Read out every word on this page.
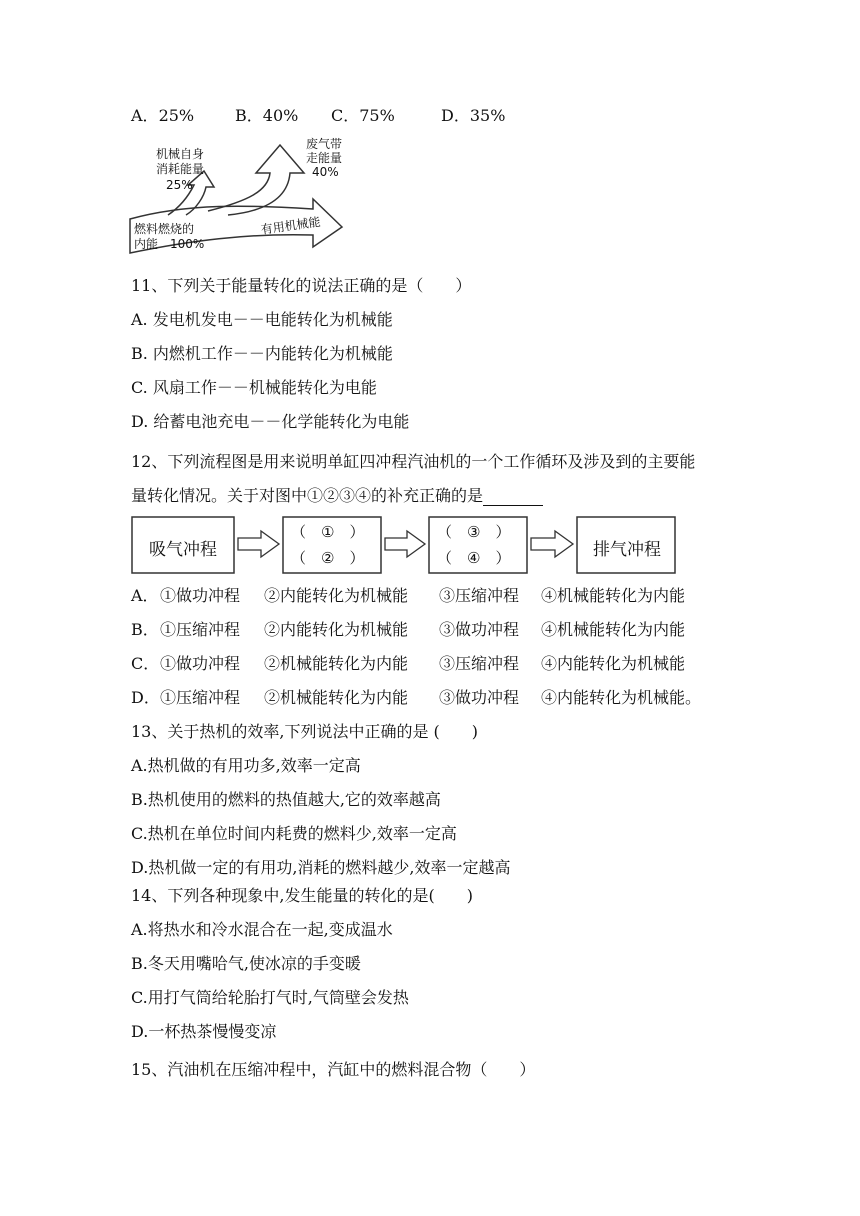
A．25%	B．40% C．75%	D．35%
机械自身
消耗能量
25%
废气带
走能量
40%
燃料燃烧的
内能 100%
有用机械能
11、下列关于能量转化的说法正确的是（　　）
A. 发电机发电－－电能转化为机械能
B. 内燃机工作－－内能转化为机械能
C. 风扇工作－－机械能转化为电能
D. 给蓄电池充电－－化学能转化为电能
12、下列流程图是用来说明单缸四冲程汽油机的一个工作循环及涉及到的主要能
量转化情况。关于对图中①②③④的补充正确的是
吸气冲程
（　①　）
（　②　）
（　③　）
（　④　）	排气冲程
A． ①做功冲程 ②内能转化为机械能 ③压缩冲程 ④机械能转化为内能
B． ①压缩冲程 ②内能转化为机械能 ③做功冲程 ④机械能转化为内能
C． ①做功冲程 ②机械能转化为内能 ③压缩冲程 ④内能转化为机械能
D． ①压缩冲程 ②机械能转化为内能 ③做功冲程 ④内能转化为机械能。
13、关于热机的效率,下列说法中正确的是 (　　)
A.热机做的有用功多,效率一定高
B.热机使用的燃料的热值越大,它的效率越高
C.热机在单位时间内耗费的燃料少,效率一定高
D.热机做一定的有用功,消耗的燃料越少,效率一定越高
14、下列各种现象中,发生能量的转化的是(　　)
A.将热水和冷水混合在一起,变成温水
B.冬天用嘴哈气,使冰凉的手变暖
C.用打气筒给轮胎打气时,气筒壁会发热
D.一杯热茶慢慢变凉
15、汽油机在压缩冲程中，汽缸中的燃料混合物（　　）
